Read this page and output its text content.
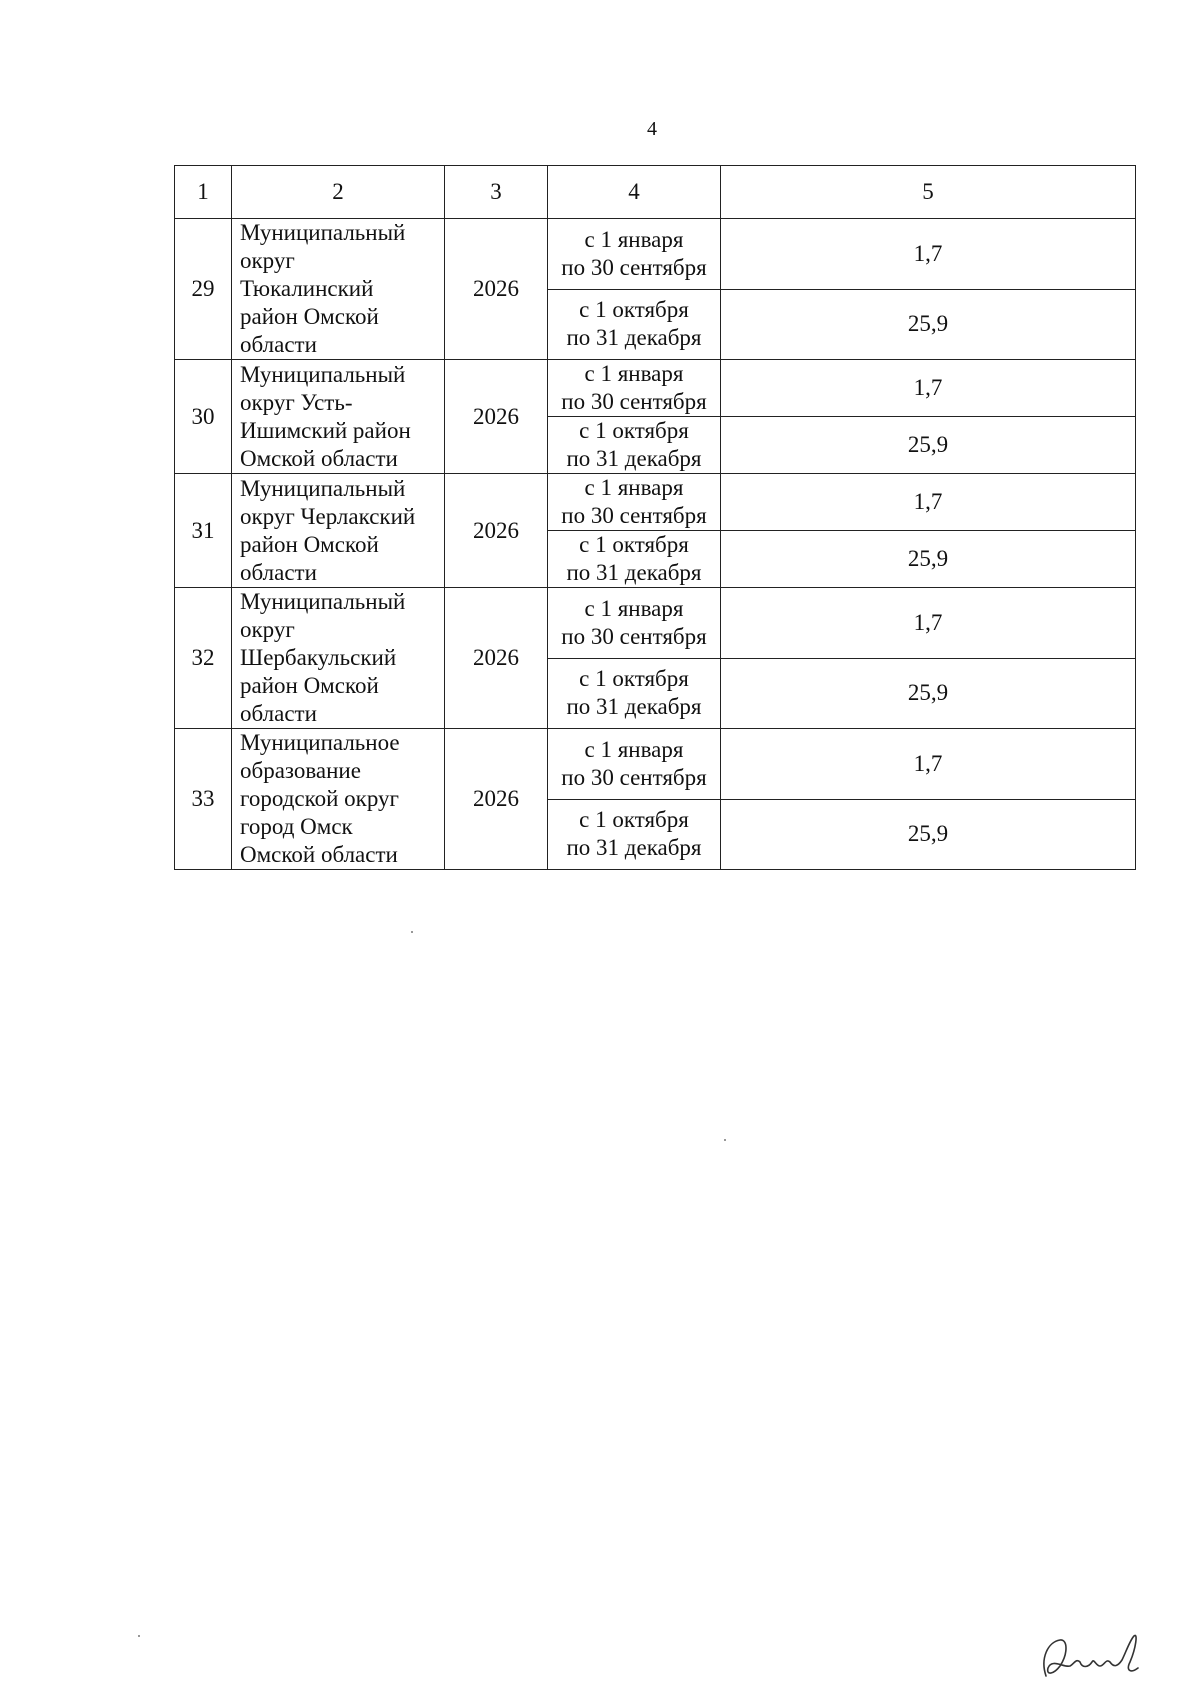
4
1	2	3	4	5
29	Муниципальный
округ
Тюкалинский
район Омской
области	2026	с 1 января
по 30 сентября	1,7

			с 1 октября
по 31 декабря	25,9
30	Муниципальный
округ Усть-
Ишимский район
Омской области	2026	с 1 января
по 30 сентября	1,7

			с 1 октября
по 31 декабря	25,9
31	Муниципальный
округ Черлакский
район Омской
области	2026	с 1 января
по 30 сентября	1,7

			с 1 октября
по 31 декабря	25,9
32	Муниципальный
округ
Шербакульский
район Омской
области	2026	с 1 января
по 30 сентября	1,7

			с 1 октября
по 31 декабря	25,9
33	Муниципальное
образование
городской округ
город Омск
Омской области	2026	с 1 января
по 30 сентября	1,7

			с 1 октября
по 31 декабря	25,9
